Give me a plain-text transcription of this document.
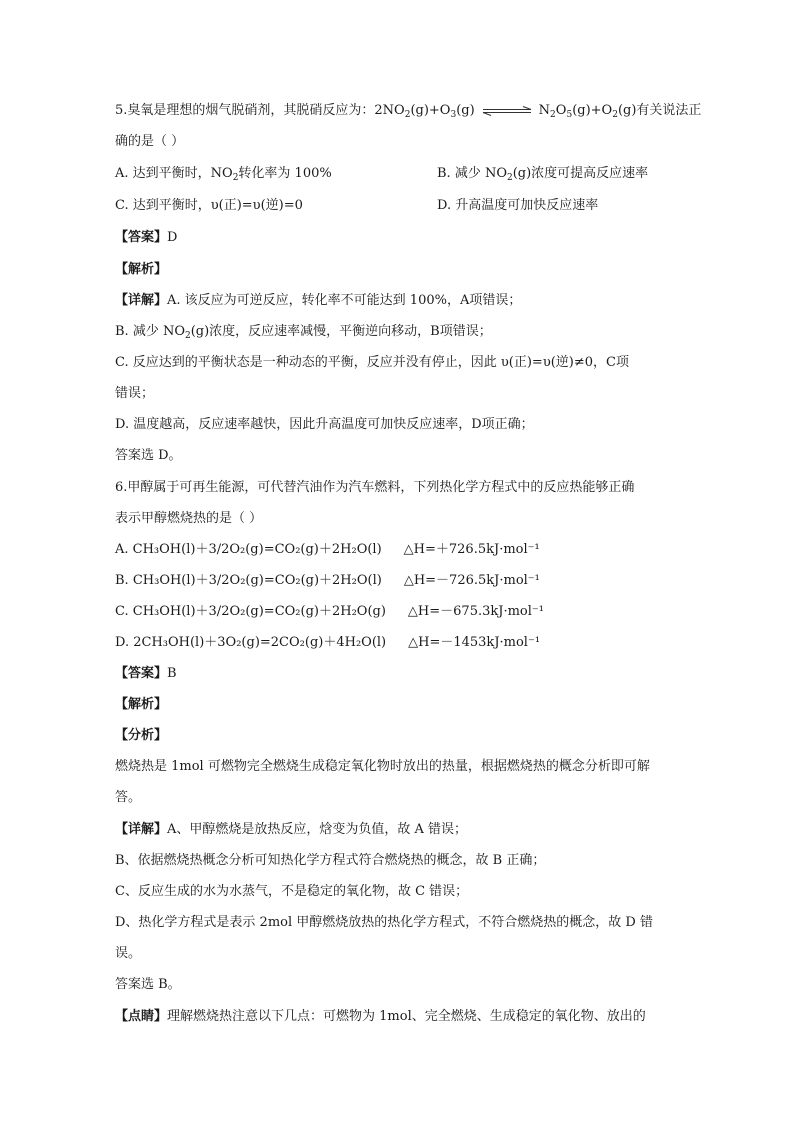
5.臭氧是理想的烟气脱硝剂，其脱硝反应为：$2NO_2(g)+O_3(g)$ ⇌ $N_2O_5(g)+O_2(g)$有关说法正
确的是（ ）
A. 达到平衡时，$NO_2$转化率为 100%	B. 减少 $NO_2(g)$浓度可提高反应速率
C. 达到平衡时，υ(正)=υ(逆)=0	D. 升高温度可加快反应速率
【答案】D
【解析】
【详解】A. 该反应为可逆反应，转化率不可能达到 100%，A项错误；
B. 减少 $NO_2(g)$浓度，反应速率减慢，平衡逆向移动，B项错误；
C. 反应达到的平衡状态是一种动态的平衡，反应并没有停止，因此 υ(正)=υ(逆)≠0，C项
错误；
D. 温度越高，反应速率越快，因此升高温度可加快反应速率，D项正确；
答案选 D。
6.甲醇属于可再生能源，可代替汽油作为汽车燃料，下列热化学方程式中的反应热能够正确
表示甲醇燃烧热的是（ ）
A. CH₃OH(l)＋3/2O₂(g)=CO₂(g)＋2H₂O(l) △H=＋726.5kJ·mol⁻¹
B. CH₃OH(l)＋3/2O₂(g)=CO₂(g)＋2H₂O(l) △H=－726.5kJ·mol⁻¹
C. CH₃OH(l)＋3/2O₂(g)=CO₂(g)＋2H₂O(g) △H=－675.3kJ·mol⁻¹
D. 2CH₃OH(l)＋3O₂(g)=2CO₂(g)＋4H₂O(l) △H=－1453kJ·mol⁻¹
【答案】B
【解析】
【分析】
燃烧热是 1mol 可燃物完全燃烧生成稳定氧化物时放出的热量，根据燃烧热的概念分析即可解
答。
【详解】A、甲醇燃烧是放热反应，焓变为负值，故 A 错误；
B、依据燃烧热概念分析可知热化学方程式符合燃烧热的概念，故 B 正确；
C、反应生成的水为水蒸气，不是稳定的氧化物，故 C 错误；
D、热化学方程式是表示 2mol 甲醇燃烧放热的热化学方程式，不符合燃烧热的概念，故 D 错
误。
答案选 B。
【点睛】理解燃烧热注意以下几点：可燃物为 1mol、完全燃烧、生成稳定的氧化物、放出的
